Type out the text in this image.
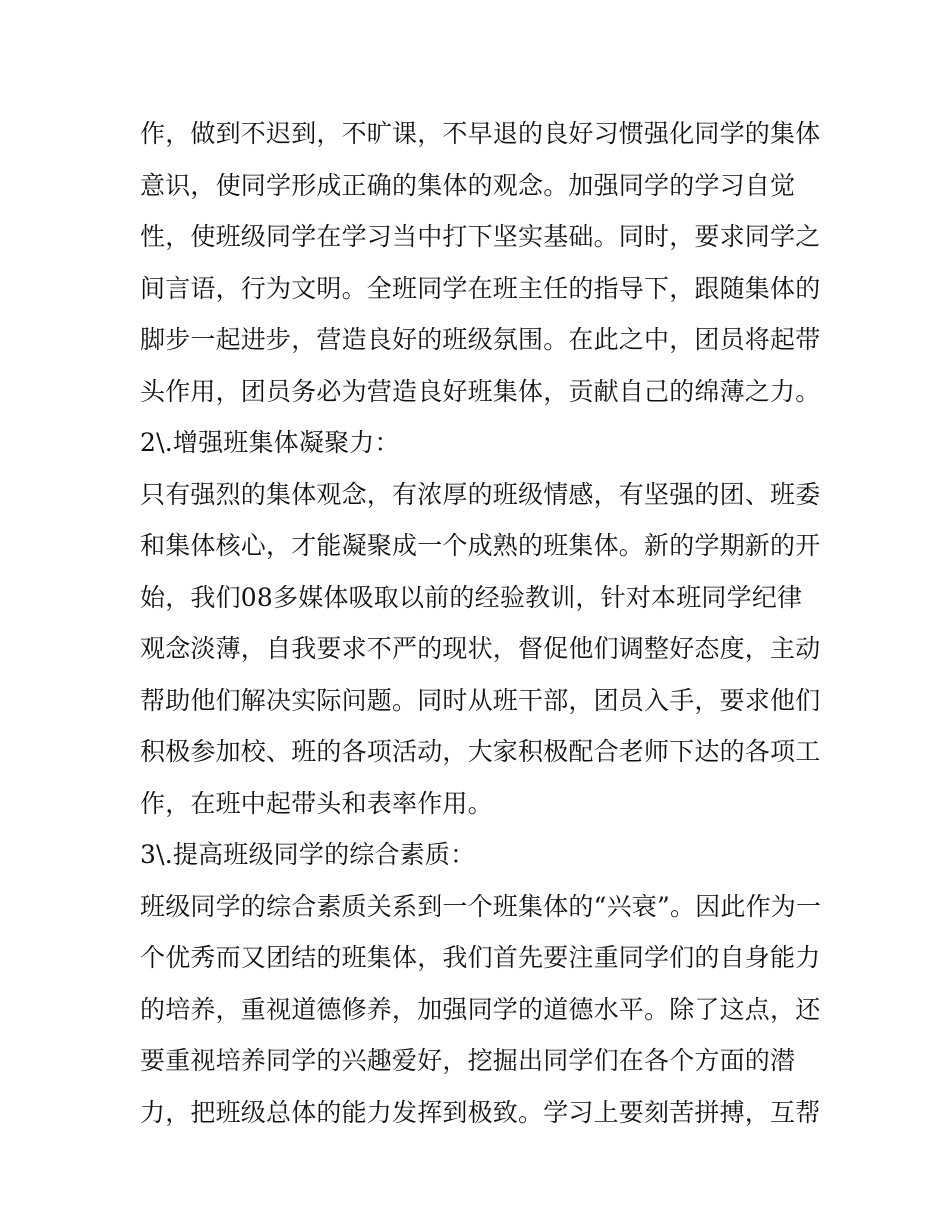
作，做到不迟到，不旷课，不早退的良好习惯强化同学的集体
意识，使同学形成正确的集体的观念。加强同学的学习自觉
性，使班级同学在学习当中打下坚实基础。同时，要求同学之
间言语，行为文明。全班同学在班主任的指导下，跟随集体的
脚步一起进步，营造良好的班级氛围。在此之中，团员将起带
头作用，团员务必为营造良好班集体，贡献自己的绵薄之力。
2\.增强班集体凝聚力：
只有强烈的集体观念，有浓厚的班级情感，有坚强的团、班委
和集体核心，才能凝聚成一个成熟的班集体。新的学期新的开
始，我们08多媒体吸取以前的经验教训，针对本班同学纪律
观念淡薄，自我要求不严的现状，督促他们调整好态度，主动
帮助他们解决实际问题。同时从班干部，团员入手，要求他们
积极参加校、班的各项活动，大家积极配合老师下达的各项工
作，在班中起带头和表率作用。
3\.提高班级同学的综合素质：
班级同学的综合素质关系到一个班集体的“兴衰”。因此作为一
个优秀而又团结的班集体，我们首先要注重同学们的自身能力
的培养，重视道德修养，加强同学的道德水平。除了这点，还
要重视培养同学的兴趣爱好，挖掘出同学们在各个方面的潜
力，把班级总体的能力发挥到极致。学习上要刻苦拼搏，互帮
